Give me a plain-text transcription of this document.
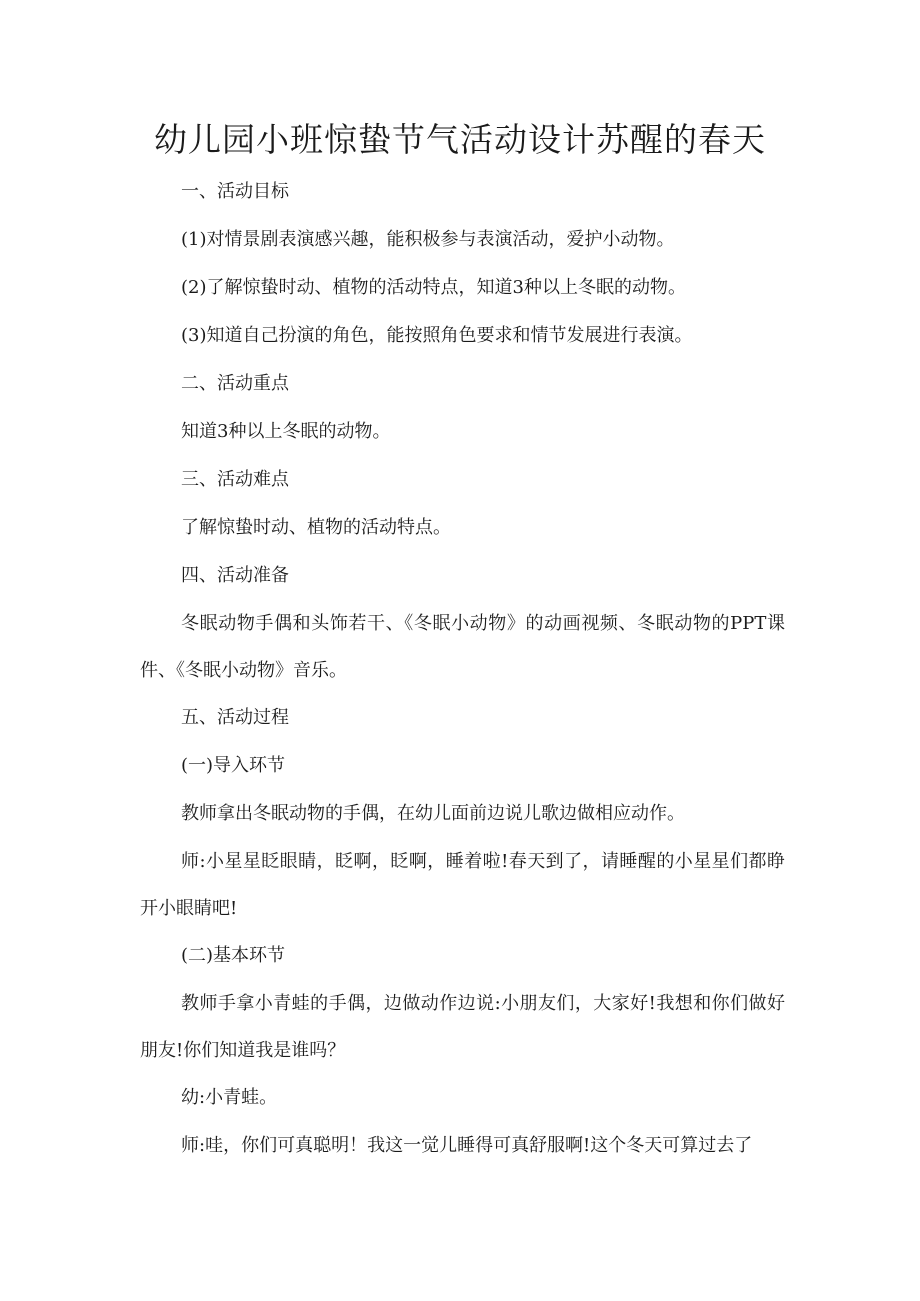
幼儿园小班惊蛰节气活动设计苏醒的春天

一、活动目标

(1)对情景剧表演感兴趣，能积极参与表演活动，爱护小动物。

(2)了解惊蛰时动、植物的活动特点，知道3种以上冬眠的动物。

(3)知道自己扮演的角色，能按照角色要求和情节发展进行表演。

二、活动重点

知道3种以上冬眠的动物。

三、活动难点

了解惊蛰时动、植物的活动特点。

四、活动准备

冬眠动物手偶和头饰若干、《冬眠小动物》的动画视频、冬眠动物的PPT课件、《冬眠小动物》音乐。

五、活动过程

(一)导入环节

教师拿出冬眠动物的手偶，在幼儿面前边说儿歌边做相应动作。

师:小星星眨眼睛，眨啊，眨啊，睡着啦!春天到了，请睡醒的小星星们都睁开小眼睛吧!

(二)基本环节

教师手拿小青蛙的手偶，边做动作边说:小朋友们，大家好!我想和你们做好朋友!你们知道我是谁吗？

幼:小青蛙。

师:哇，你们可真聪明！我这一觉儿睡得可真舒服啊!这个冬天可算过去了
